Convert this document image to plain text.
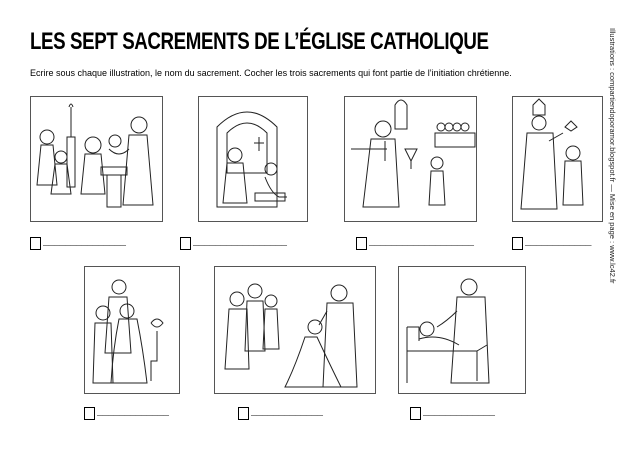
LES SEPT SACREMENTS DE L’ÉGLISE CATHOLIQUE
Ecrire sous chaque illustration, le nom du sacrement. Cocher les trois sacrements qui font partie de l’initiation chrétienne.	Illustrations : compartiendoporamor.blogspot.fr — Mise en page : www.lc42.fr
_______________	_________________	___________________	____________
_____________	_____________	_____________
